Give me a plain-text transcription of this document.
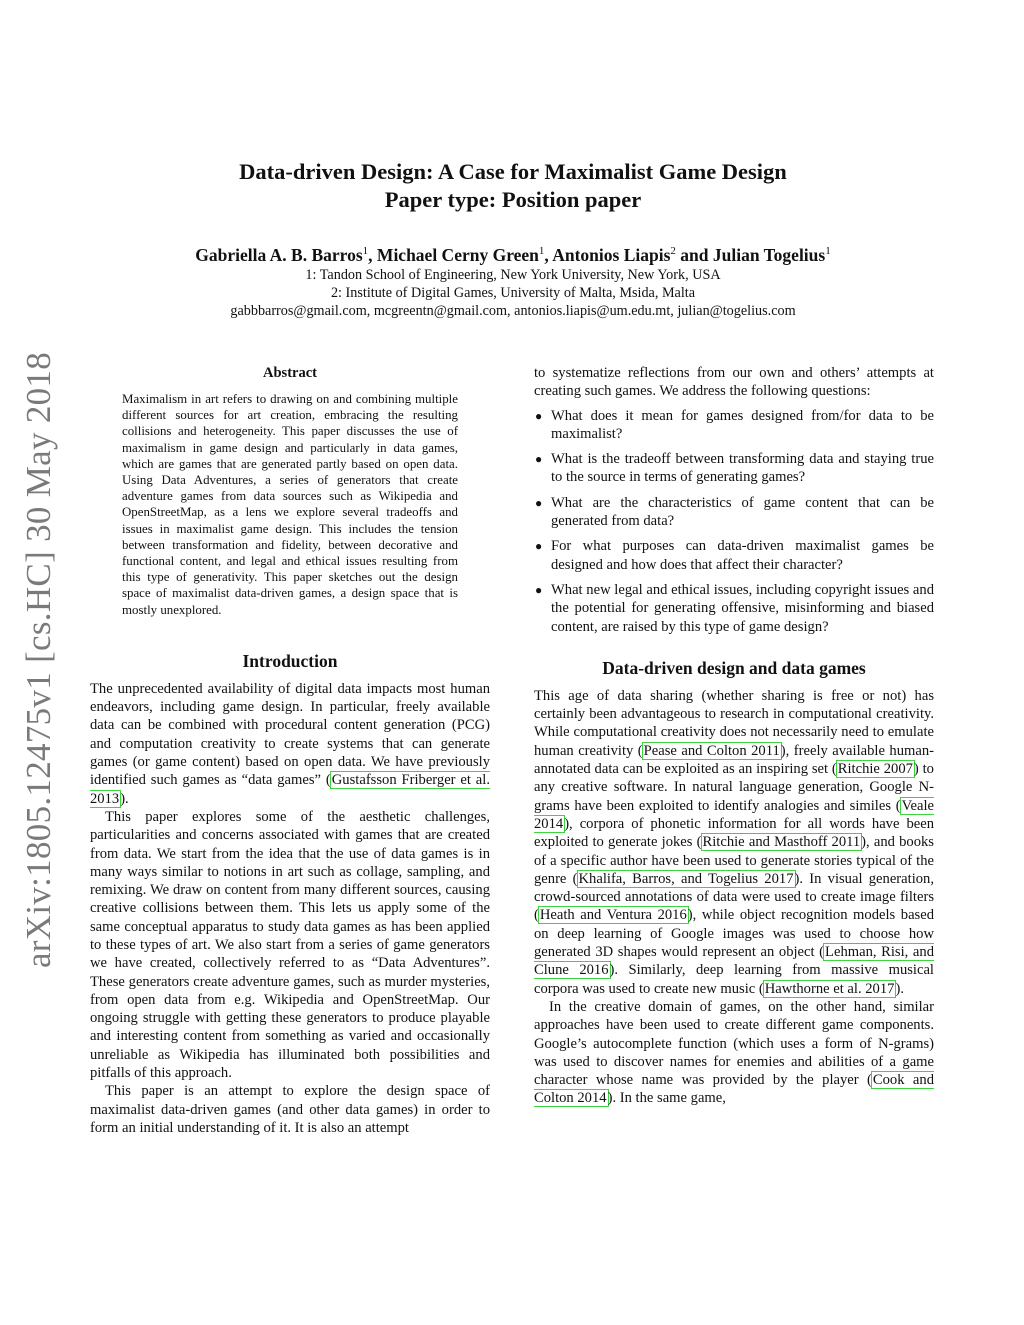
arXiv:1805.12475v1 [cs.HC] 30 May 2018
Data-driven Design: A Case for Maximalist Game Design
Paper type: Position paper
Gabriella A. B. Barros$^1$, Michael Cerny Green$^1$, Antonios Liapis$^2$ and Julian Togelius$^1$
1: Tandon School of Engineering, New York University, New York, USA
2: Institute of Digital Games, University of Malta, Msida, Malta
gabbbarros@gmail.com, mcgreentn@gmail.com, antonios.liapis@um.edu.mt, julian@togelius.com
Abstract

Maximalism in art refers to drawing on and combining multiple different sources for art creation, embracing the resulting collisions and heterogeneity. This paper discusses the use of maximalism in game design and particularly in data games, which are games that are generated partly based on open data. Using Data Adventures, a series of generators that create adventure games from data sources such as Wikipedia and OpenStreetMap, as a lens we explore several tradeoffs and issues in maximalist game design. This includes the tension between transformation and fidelity, between decorative and functional content, and legal and ethical issues resulting from this type of generativity. This paper sketches out the design space of maximalist data-driven games, a design space that is mostly unexplored.

Introduction

The unprecedented availability of digital data impacts most human endeavors, including game design. In particular, freely available data can be combined with procedural content generation (PCG) and computation creativity to create systems that can generate games (or game content) based on open data. We have previously identified such games as “data games” (Gustafsson Friberger et al. 2013).

This paper explores some of the aesthetic challenges, particularities and concerns associated with games that are created from data. We start from the idea that the use of data games is in many ways similar to notions in art such as collage, sampling, and remixing. We draw on content from many different sources, causing creative collisions between them. This lets us apply some of the same conceptual apparatus to study data games as has been applied to these types of art. We also start from a series of game generators we have created, collectively referred to as “Data Adventures”. These generators create adventure games, such as murder mysteries, from open data from e.g. Wikipedia and OpenStreetMap. Our ongoing struggle with getting these generators to produce playable and interesting content from something as varied and occasionally unreliable as Wikipedia has illuminated both possibilities and pitfalls of this approach.

This paper is an attempt to explore the design space of maximalist data-driven games (and other data games) in order to form an initial understanding of it. It is also an attempt

to systematize reflections from our own and others’ attempts at creating such games. We address the following questions:

● What does it mean for games designed from/for data to be maximalist?
● What is the tradeoff between transforming data and staying true to the source in terms of generating games?
● What are the characteristics of game content that can be generated from data?
● For what purposes can data-driven maximalist games be designed and how does that affect their character?
● What new legal and ethical issues, including copyright issues and the potential for generating offensive, misinforming and biased content, are raised by this type of game design?
Data-driven design and data games

This age of data sharing (whether sharing is free or not) has certainly been advantageous to research in computational creativity. While computational creativity does not necessarily need to emulate human creativity (Pease and Colton 2011), freely available human-annotated data can be exploited as an inspiring set (Ritchie 2007) to any creative software. In natural language generation, Google N-grams have been exploited to identify analogies and similes (Veale 2014), corpora of phonetic information for all words have been exploited to generate jokes (Ritchie and Masthoff 2011), and books of a specific author have been used to generate stories typical of the genre (Khalifa, Barros, and Togelius 2017). In visual generation, crowd-sourced annotations of data were used to create image filters (Heath and Ventura 2016), while object recognition models based on deep learning of Google images was used to choose how generated 3D shapes would represent an object (Lehman, Risi, and Clune 2016). Similarly, deep learning from massive musical corpora was used to create new music (Hawthorne et al. 2017).

In the creative domain of games, on the other hand, similar approaches have been used to create different game components. Google’s autocomplete function (which uses a form of N-grams) was used to discover names for enemies and abilities of a game character whose name was provided by the player (Cook and Colton 2014). In the same game,
